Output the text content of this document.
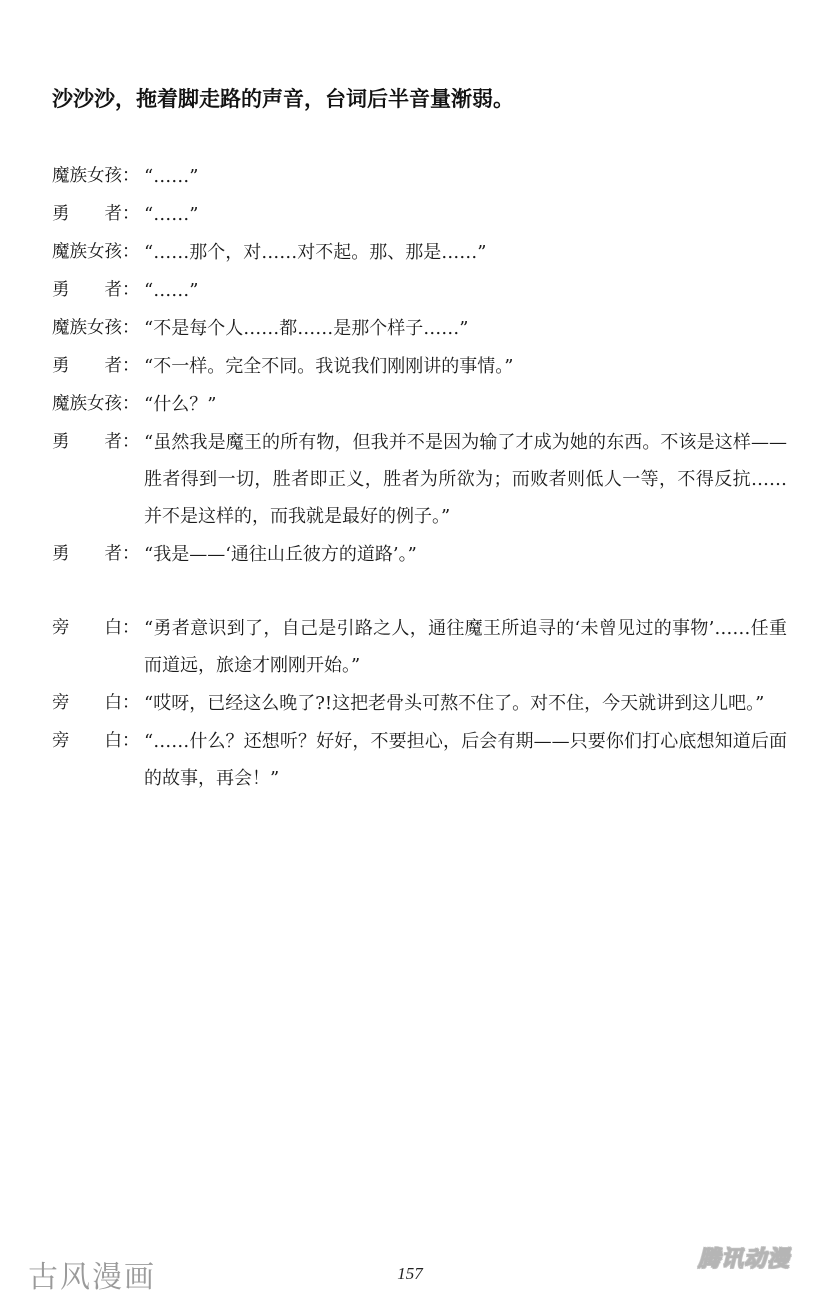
沙沙沙，拖着脚走路的声音，台词后半音量渐弱。
魔族女孩： “……”
勇　　者： “……”
魔族女孩： “……那个，对……对不起。那、那是……”
勇　　者： “……”
魔族女孩： “不是每个人……都……是那个样子……”
勇　　者： “不一样。完全不同。我说我们刚刚讲的事情。”
魔族女孩： “什么？”
勇　　者： “虽然我是魔王的所有物，但我并不是因为输了才成为她的东西。不该是这样——胜者得到一切，胜者即正义，胜者为所欲为；而败者则低人一等，不得反抗……并不是这样的，而我就是最好的例子。”
勇　　者： “我是——‘通往山丘彼方的道路’。”
旁　　白： “勇者意识到了，自己是引路之人，通往魔王所追寻的‘未曾见过的事物’……任重而道远，旅途才刚刚开始。”
旁　　白： “哎呀，已经这么晚了?!这把老骨头可熬不住了。对不住，今天就讲到这儿吧。”
旁　　白： “……什么？还想听？好好，不要担心，后会有期——只要你们打心底想知道后面的故事，再会！”
古风漫画	157
腾讯动漫
